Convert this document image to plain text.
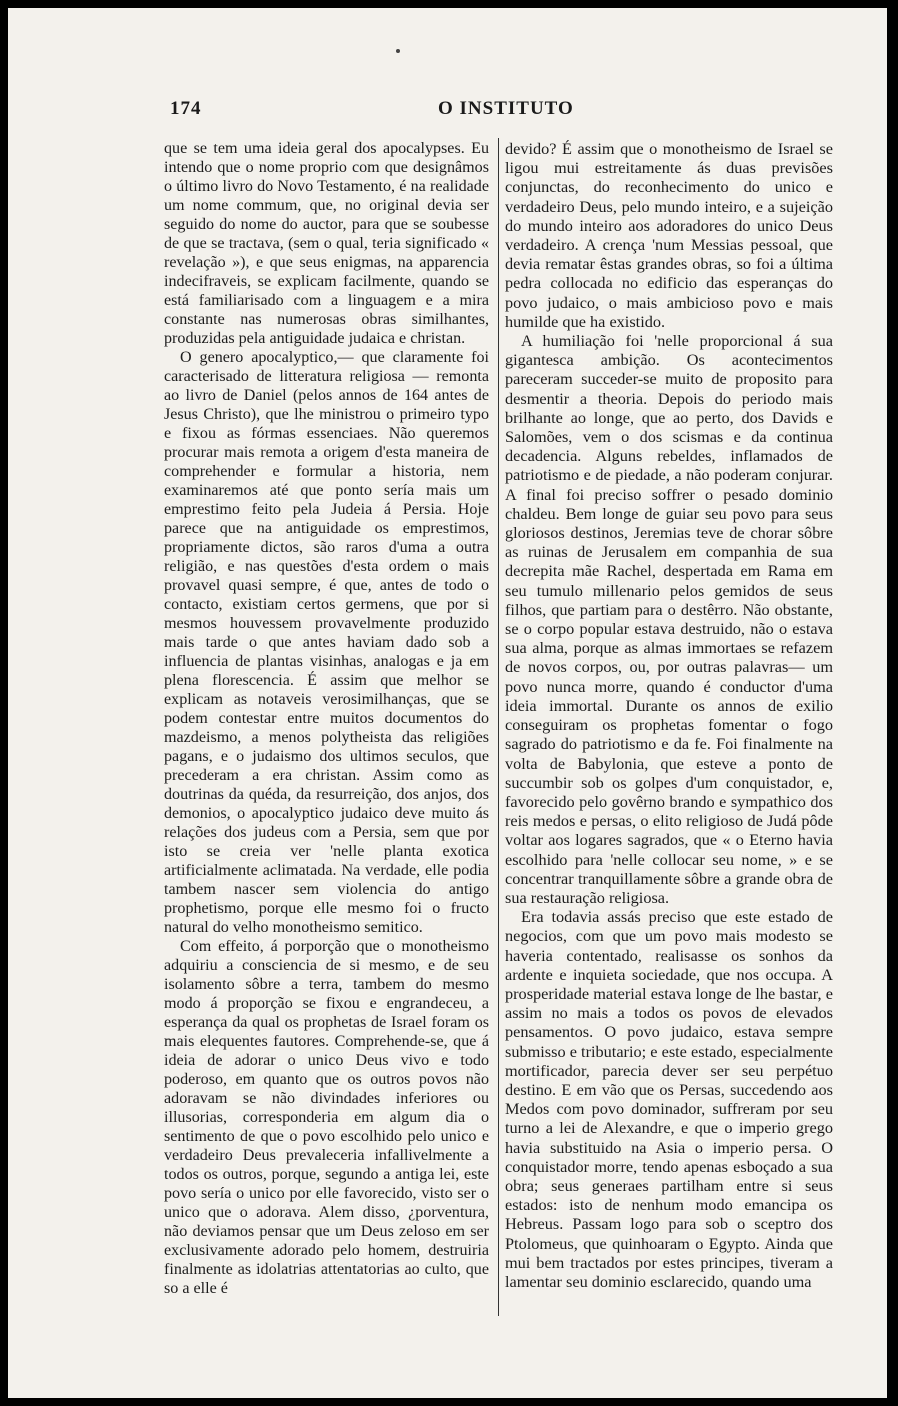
174	O INSTITUTO

que se tem uma ideia geral dos apocalypses. Eu intendo que o nome proprio com que designâmos o último livro do Novo Testamento, é na realidade um nome commum, que, no original devia ser seguido do nome do auctor, para que se soubesse de que se tractava, (sem o qual, teria significado « revelação »), e que seus enigmas, na apparencia indecifraveis, se explicam facilmente, quando se está familiarisado com a linguagem e a mira constante nas numerosas obras similhantes, produzidas pela antiguidade judaica e christan.

O genero apocalyptico,— que claramente foi caracterisado de litteratura religiosa — remonta ao livro de Daniel (pelos annos de 164 antes de Jesus Christo), que lhe ministrou o primeiro typo e fixou as fórmas essenciaes. Não queremos procurar mais remota a origem d'esta maneira de comprehender e formular a historia, nem examinaremos até que ponto sería mais um emprestimo feito pela Judeia á Persia. Hoje parece que na antiguidade os emprestimos, propriamente dictos, são raros d'uma a outra religião, e nas questões d'esta ordem o mais provavel quasi sempre, é que, antes de todo o contacto, existiam certos germens, que por si mesmos houvessem provavelmente produzido mais tarde o que antes haviam dado sob a influencia de plantas visinhas, analogas e ja em plena florescencia. É assim que melhor se explicam as notaveis verosimilhanças, que se podem contestar entre muitos documentos do mazdeismo, a menos polytheista das religiões pagans, e o judaismo dos ultimos seculos, que precederam a era christan. Assim como as doutrinas da quéda, da resurreição, dos anjos, dos demonios, o apocalyptico judaico deve muito ás relações dos judeus com a Persia, sem que por isto se creia ver 'nelle planta exotica artificialmente aclimatada. Na verdade, elle podia tambem nascer sem violencia do antigo prophetismo, porque elle mesmo foi o fructo natural do velho monotheismo semitico.

Com effeito, á porporção que o monotheismo adquiriu a consciencia de si mesmo, e de seu isolamento sôbre a terra, tambem do mesmo modo á proporção se fixou e engrandeceu, a esperança da qual os prophetas de Israel foram os mais elequentes fautores. Comprehende-se, que á ideia de adorar o unico Deus vivo e todo poderoso, em quanto que os outros povos não adoravam se não divindades inferiores ou illusorias, corresponderia em algum dia o sentimento de que o povo escolhido pelo unico e verdadeiro Deus prevaleceria infallivelmente a todos os outros, porque, segundo a antiga lei, este povo sería o unico por elle favorecido, visto ser o unico que o adorava. Alem disso, ¿porventura, não deviamos pensar que um Deus zeloso em ser exclusivamente adorado pelo homem, destruiria finalmente as idolatrias attentatorias ao culto, que so a elle é

devido? É assim que o monotheismo de Israel se ligou mui estreitamente ás duas previsões conjunctas, do reconhecimento do unico e verdadeiro Deus, pelo mundo inteiro, e a sujeição do mundo inteiro aos adoradores do unico Deus verdadeiro. A crença 'num Messias pessoal, que devia rematar êstas grandes obras, so foi a última pedra collocada no edificio das esperanças do povo judaico, o mais ambicioso povo e mais humilde que ha existido.

A humiliação foi 'nelle proporcional á sua gigantesca ambição. Os acontecimentos pareceram succeder-se muito de proposito para desmentir a theoria. Depois do periodo mais brilhante ao longe, que ao perto, dos Davids e Salomões, vem o dos scismas e da continua decadencia. Alguns rebeldes, inflamados de patriotismo e de piedade, a não poderam conjurar. A final foi preciso soffrer o pesado dominio chaldeu. Bem longe de guiar seu povo para seus gloriosos destinos, Jeremias teve de chorar sôbre as ruinas de Jerusalem em companhia de sua decrepita mãe Rachel, despertada em Rama em seu tumulo millenario pelos gemidos de seus filhos, que partiam para o destêrro. Não obstante, se o corpo popular estava destruido, não o estava sua alma, porque as almas immortaes se refazem de novos corpos, ou, por outras palavras— um povo nunca morre, quando é conductor d'uma ideia immortal. Durante os annos de exilio conseguiram os prophetas fomentar o fogo sagrado do patriotismo e da fe. Foi finalmente na volta de Babylonia, que esteve a ponto de succumbir sob os golpes d'um conquistador, e, favorecido pelo govêrno brando e sympathico dos reis medos e persas, o elito religioso de Judá pôde voltar aos logares sagrados, que « o Eterno havia escolhido para 'nelle collocar seu nome, » e se concentrar tranquillamente sôbre a grande obra de sua restauração religiosa.

Era todavia assás preciso que este estado de negocios, com que um povo mais modesto se haveria contentado, realisasse os sonhos da ardente e inquieta sociedade, que nos occupa. A prosperidade material estava longe de lhe bastar, e assim no mais a todos os povos de elevados pensamentos. O povo judaico, estava sempre submisso e tributario; e este estado, especialmente mortificador, parecia dever ser seu perpétuo destino. E em vão que os Persas, succedendo aos Medos com povo dominador, suffreram por seu turno a lei de Alexandre, e que o imperio grego havia substituido na Asia o imperio persa. O conquistador morre, tendo apenas esboçado a sua obra; seus generaes partilham entre si seus estados: isto de nenhum modo emancipa os Hebreus. Passam logo para sob o sceptro dos Ptolomeus, que quinhoaram o Egypto. Ainda que mui bem tractados por estes principes, tiveram a lamentar seu dominio esclarecido, quando uma
